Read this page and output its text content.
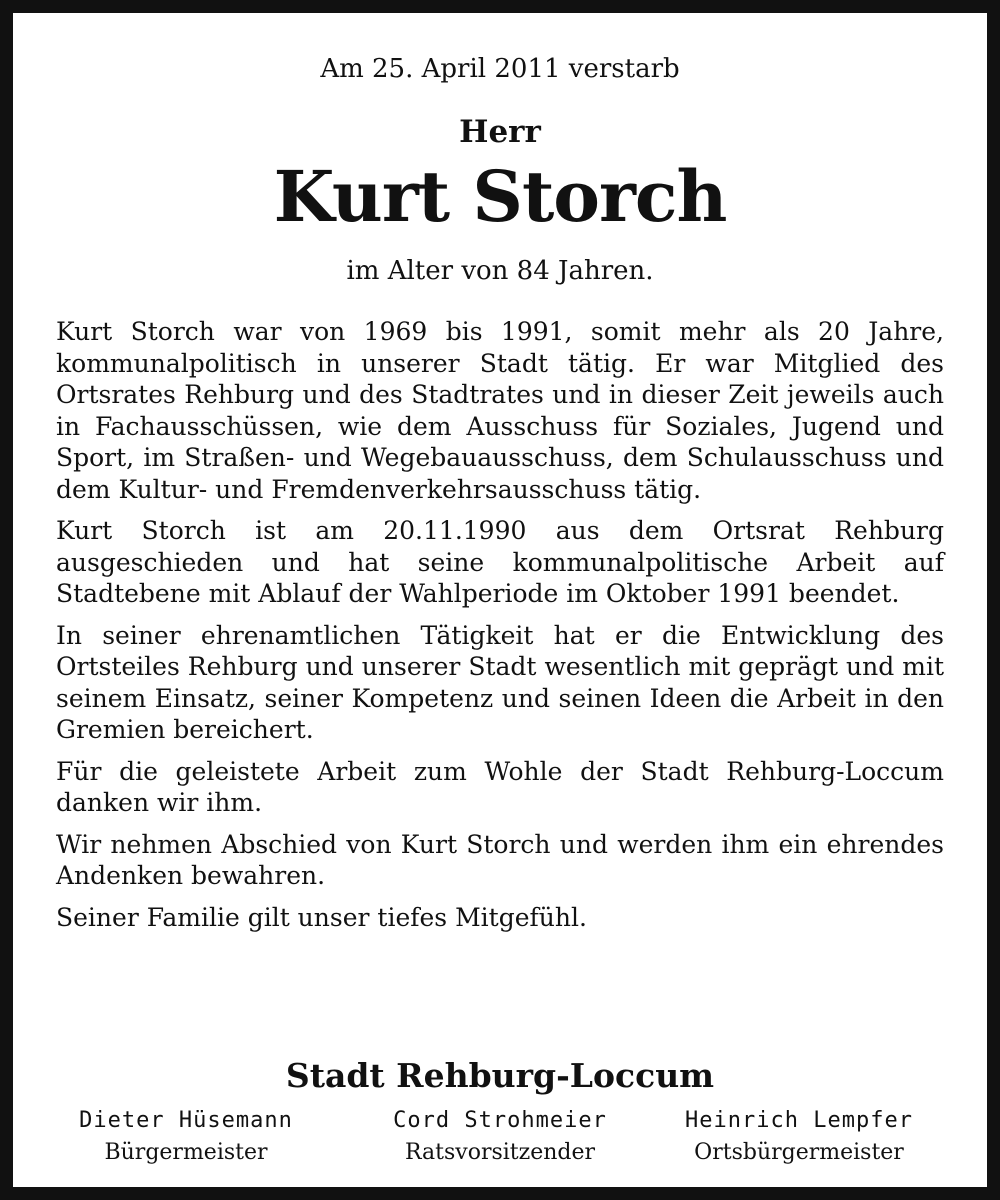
Am 25. April 2011 verstarb
Herr
Kurt Storch
im Alter von 84 Jahren.

Kurt Storch war von 1969 bis 1991, somit mehr als 20 Jahre, kommunalpolitisch in unserer Stadt tätig. Er war Mitglied des Ortsrates Rehburg und des Stadtrates und in dieser Zeit jeweils auch in Fachausschüssen, wie dem Ausschuss für Soziales, Jugend und Sport, im Straßen- und Wegebauausschuss, dem Schulausschuss und dem Kultur- und Fremdenverkehrsausschuss tätig.

Kurt Storch ist am 20.11.1990 aus dem Ortsrat Rehburg ausgeschieden und hat seine kommunalpolitische Arbeit auf Stadtebene mit Ablauf der Wahlperiode im Oktober 1991 beendet.

In seiner ehrenamtlichen Tätigkeit hat er die Entwicklung des Ortsteiles Rehburg und unserer Stadt wesentlich mit geprägt und mit seinem Einsatz, seiner Kompetenz und seinen Ideen die Arbeit in den Gremien bereichert.

Für die geleistete Arbeit zum Wohle der Stadt Rehburg-Loccum danken wir ihm.

Wir nehmen Abschied von Kurt Storch und werden ihm ein ehrendes Andenken bewahren.

Seiner Familie gilt unser tiefes Mitgefühl.

Stadt Rehburg-Loccum
Dieter Hüsemann
Bürgermeister
Cord Strohmeier
Ratsvorsitzender
Heinrich Lempfer
Ortsbürgermeister
